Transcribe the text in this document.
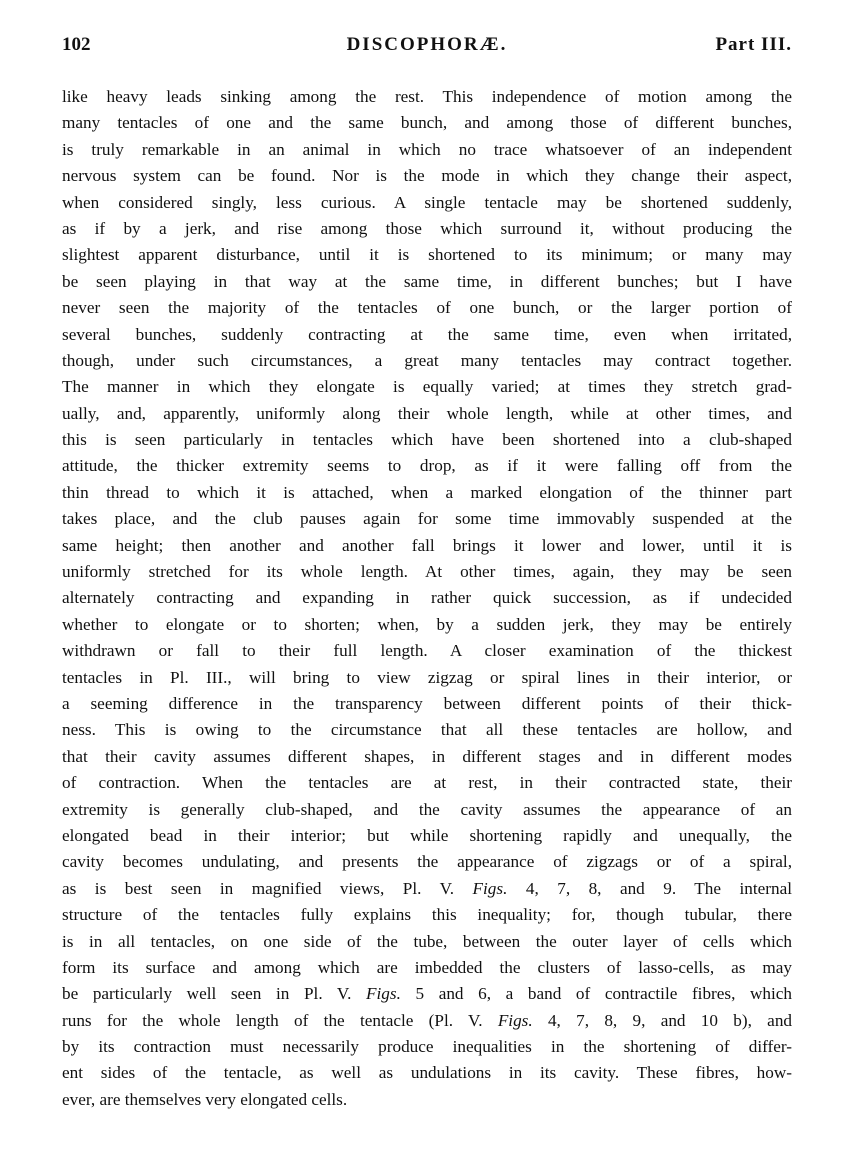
102	DISCOPHORÆ.	Part III.
like heavy leads sinking among the rest. This independence of motion among the
many tentacles of one and the same bunch, and among those of different bunches,
is truly remarkable in an animal in which no trace whatsoever of an independent
nervous system can be found. Nor is the mode in which they change their aspect,
when considered singly, less curious. A single tentacle may be shortened suddenly,
as if by a jerk, and rise among those which surround it, without producing the
slightest apparent disturbance, until it is shortened to its minimum; or many may
be seen playing in that way at the same time, in different bunches; but I have
never seen the majority of the tentacles of one bunch, or the larger portion of
several bunches, suddenly contracting at the same time, even when irritated,
though, under such circumstances, a great many tentacles may contract together.
The manner in which they elongate is equally varied; at times they stretch grad-
ually, and, apparently, uniformly along their whole length, while at other times, and
this is seen particularly in tentacles which have been shortened into a club-shaped
attitude, the thicker extremity seems to drop, as if it were falling off from the
thin thread to which it is attached, when a marked elongation of the thinner part
takes place, and the club pauses again for some time immovably suspended at the
same height; then another and another fall brings it lower and lower, until it is
uniformly stretched for its whole length. At other times, again, they may be seen
alternately contracting and expanding in rather quick succession, as if undecided
whether to elongate or to shorten; when, by a sudden jerk, they may be entirely
withdrawn or fall to their full length. A closer examination of the thickest
tentacles in Pl. III., will bring to view zigzag or spiral lines in their interior, or
a seeming difference in the transparency between different points of their thick-
ness. This is owing to the circumstance that all these tentacles are hollow, and
that their cavity assumes different shapes, in different stages and in different modes
of contraction. When the tentacles are at rest, in their contracted state, their
extremity is generally club-shaped, and the cavity assumes the appearance of an
elongated bead in their interior; but while shortening rapidly and unequally, the
cavity becomes undulating, and presents the appearance of zigzags or of a spiral,
as is best seen in magnified views, Pl. V. Figs. 4, 7, 8, and 9. The internal
structure of the tentacles fully explains this inequality; for, though tubular, there
is in all tentacles, on one side of the tube, between the outer layer of cells which
form its surface and among which are imbedded the clusters of lasso-cells, as may
be particularly well seen in Pl. V. Figs. 5 and 6, a band of contractile fibres, which
runs for the whole length of the tentacle (Pl. V. Figs. 4, 7, 8, 9, and 10 b), and
by its contraction must necessarily produce inequalities in the shortening of differ-
ent sides of the tentacle, as well as undulations in its cavity. These fibres, how-
ever, are themselves very elongated cells.
